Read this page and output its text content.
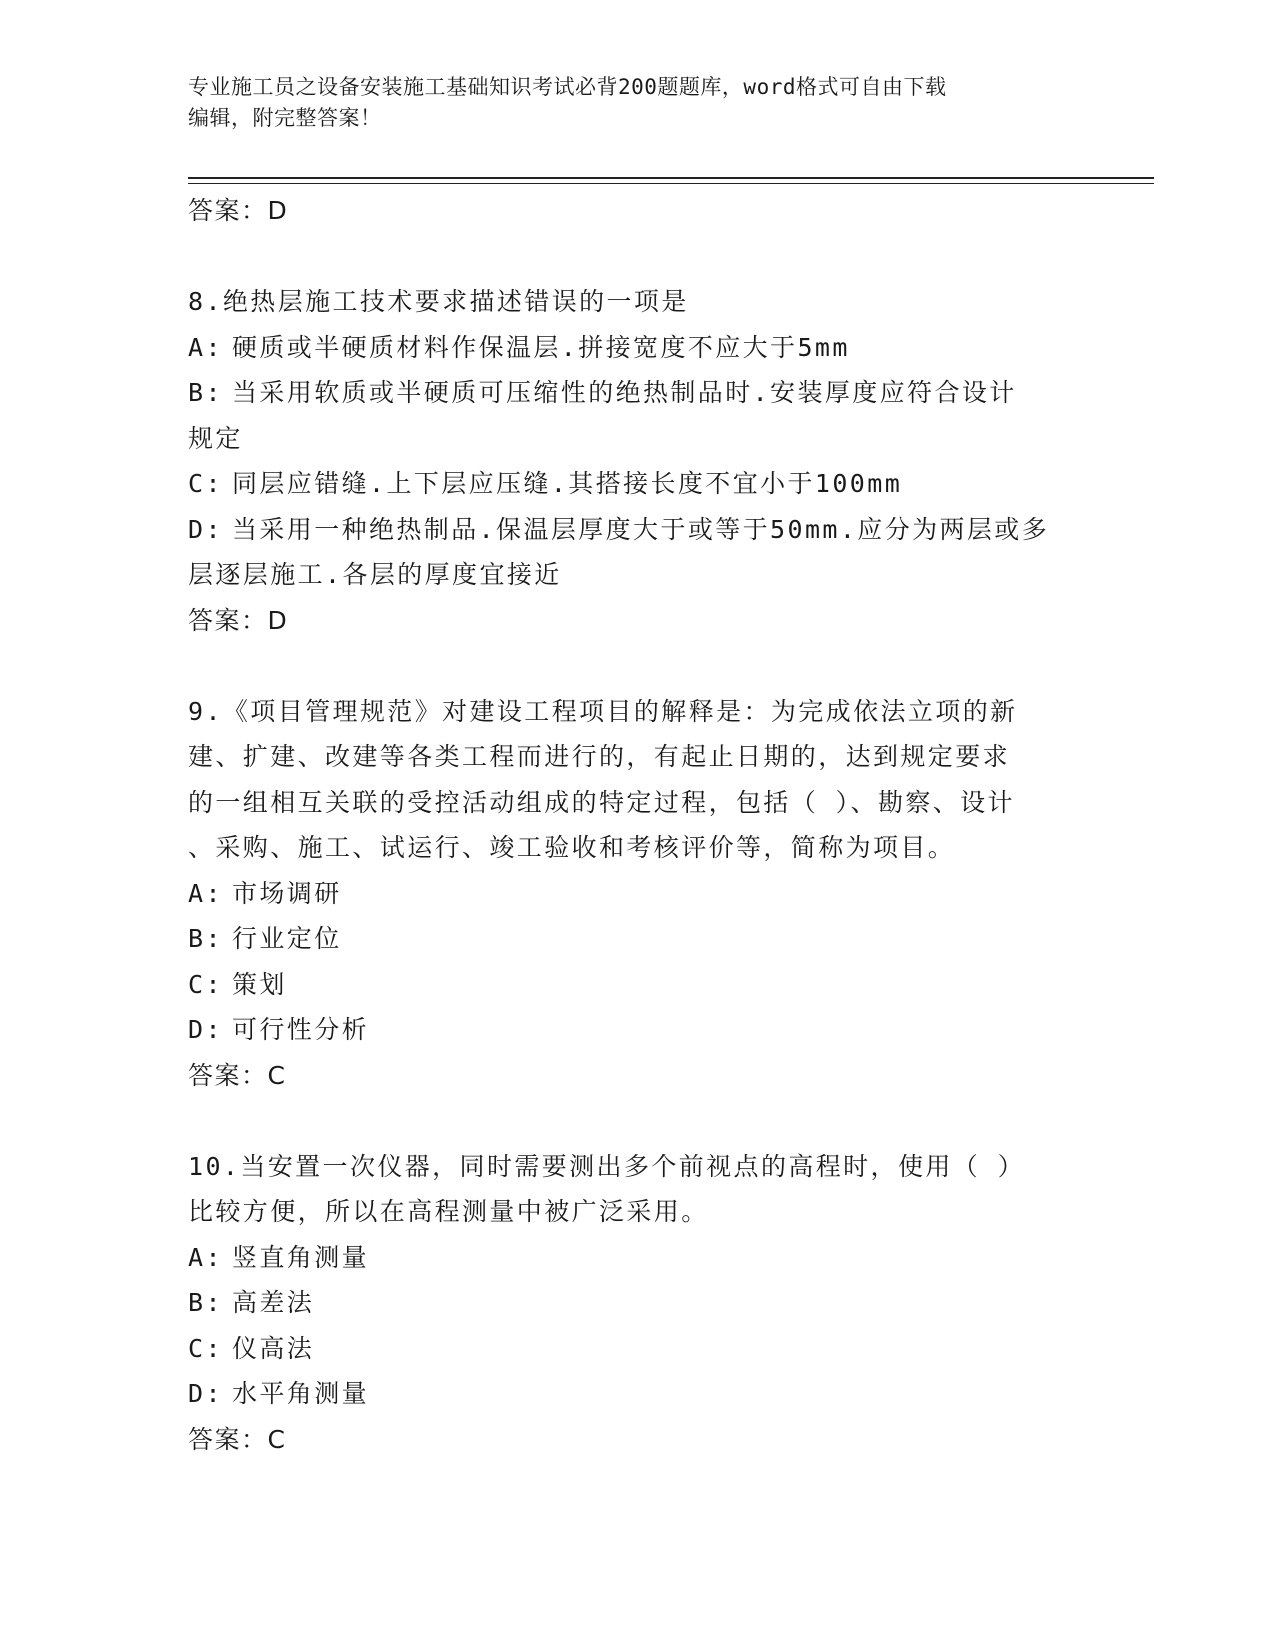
专业施工员之设备安装施工基础知识考试必背200题题库，word格式可自由下载
编辑，附完整答案！
答案：D
8.绝热层施工技术要求描述错误的一项是
A: 硬质或半硬质材料作保温层.拼接宽度不应大于5mm
B: 当采用软质或半硬质可压缩性的绝热制品时.安装厚度应符合设计
规定
C: 同层应错缝.上下层应压缝.其搭接长度不宜小于100mm
D: 当采用一种绝热制品.保温层厚度大于或等于50mm.应分为两层或多
层逐层施工.各层的厚度宜接近
答案：D
9.《项目管理规范》对建设工程项目的解释是：为完成依法立项的新
建、扩建、改建等各类工程而进行的，有起止日期的，达到规定要求
的一组相互关联的受控活动组成的特定过程，包括（ ）、勘察、设计
、采购、施工、试运行、竣工验收和考核评价等，简称为项目。
A: 市场调研
B: 行业定位
C: 策划
D: 可行性分析
答案：C
10.当安置一次仪器，同时需要测出多个前视点的高程时，使用（ ）
比较方便，所以在高程测量中被广泛采用。
A: 竖直角测量
B: 高差法
C: 仪高法
D: 水平角测量
答案：C
